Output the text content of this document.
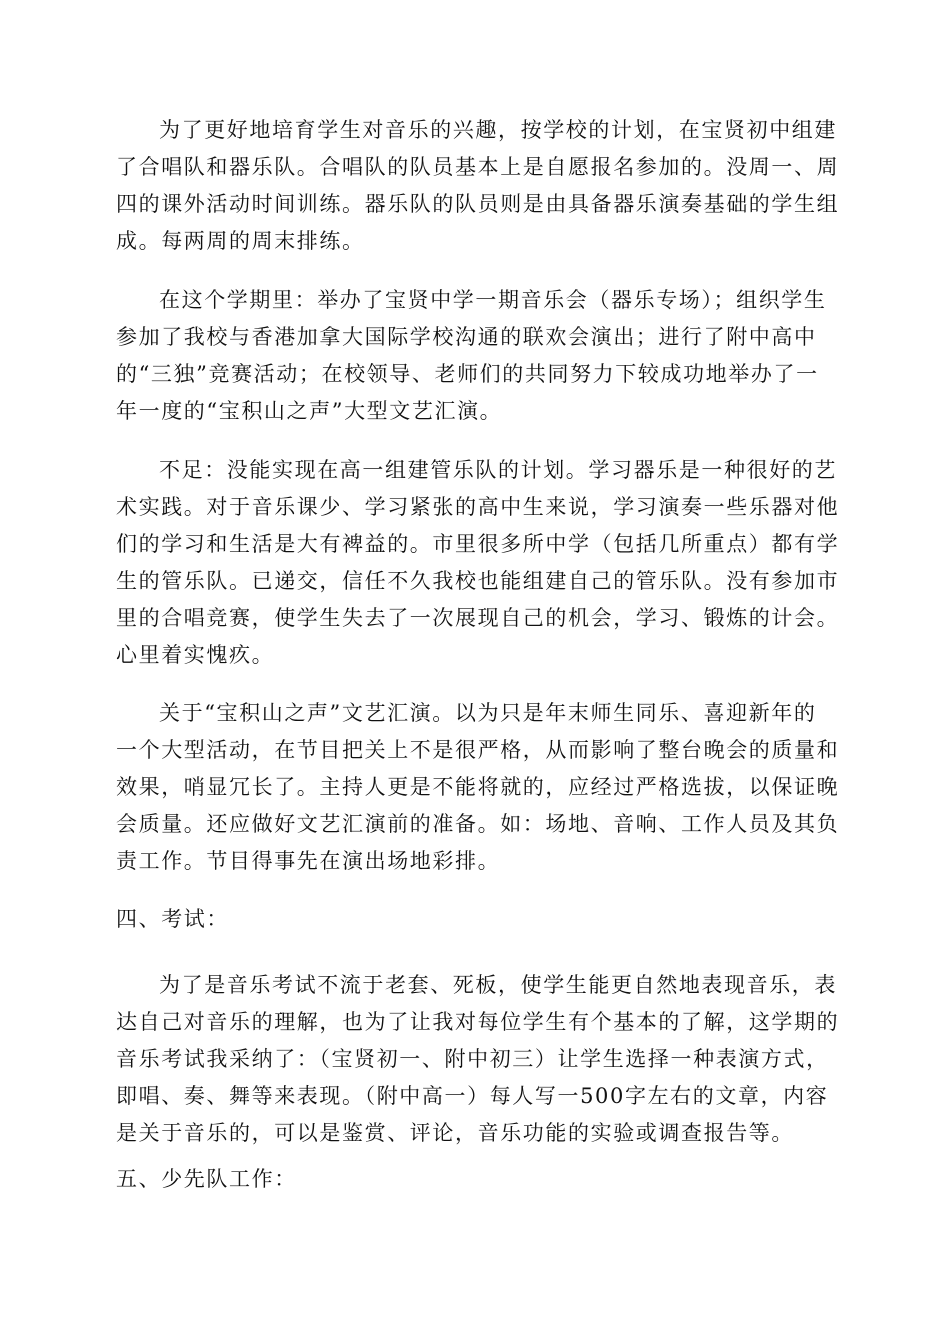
为了更好地培育学生对音乐的兴趣，按学校的计划，在宝贤初中组建
了合唱队和器乐队。合唱队的队员基本上是自愿报名参加的。没周一、周
四的课外活动时间训练。器乐队的队员则是由具备器乐演奏基础的学生组
成。每两周的周末排练。
在这个学期里：举办了宝贤中学一期音乐会（器乐专场）；组织学生
参加了我校与香港加拿大国际学校沟通的联欢会演出；进行了附中高中
的“三独”竞赛活动；在校领导、老师们的共同努力下较成功地举办了一
年一度的“宝积山之声”大型文艺汇演。
不足：没能实现在高一组建管乐队的计划。学习器乐是一种很好的艺
术实践。对于音乐课少、学习紧张的高中生来说，学习演奏一些乐器对他
们的学习和生活是大有裨益的。市里很多所中学（包括几所重点）都有学
生的管乐队。已递交，信任不久我校也能组建自己的管乐队。没有参加市
里的合唱竞赛，使学生失去了一次展现自己的机会，学习、锻炼的计会。
心里着实愧疚。
关于“宝积山之声”文艺汇演。以为只是年末师生同乐、喜迎新年的
一个大型活动，在节目把关上不是很严格，从而影响了整台晚会的质量和
效果，哨显冗长了。主持人更是不能将就的，应经过严格选拔，以保证晚
会质量。还应做好文艺汇演前的准备。如：场地、音响、工作人员及其负
责工作。节目得事先在演出场地彩排。
四、考试：
为了是音乐考试不流于老套、死板，使学生能更自然地表现音乐，表
达自己对音乐的理解，也为了让我对每位学生有个基本的了解，这学期的
音乐考试我采纳了：（宝贤初一、附中初三）让学生选择一种表演方式，
即唱、奏、舞等来表现。（附中高一）每人写一500字左右的文章，内容
是关于音乐的，可以是鉴赏、评论，音乐功能的实验或调查报告等。
五、少先队工作：
